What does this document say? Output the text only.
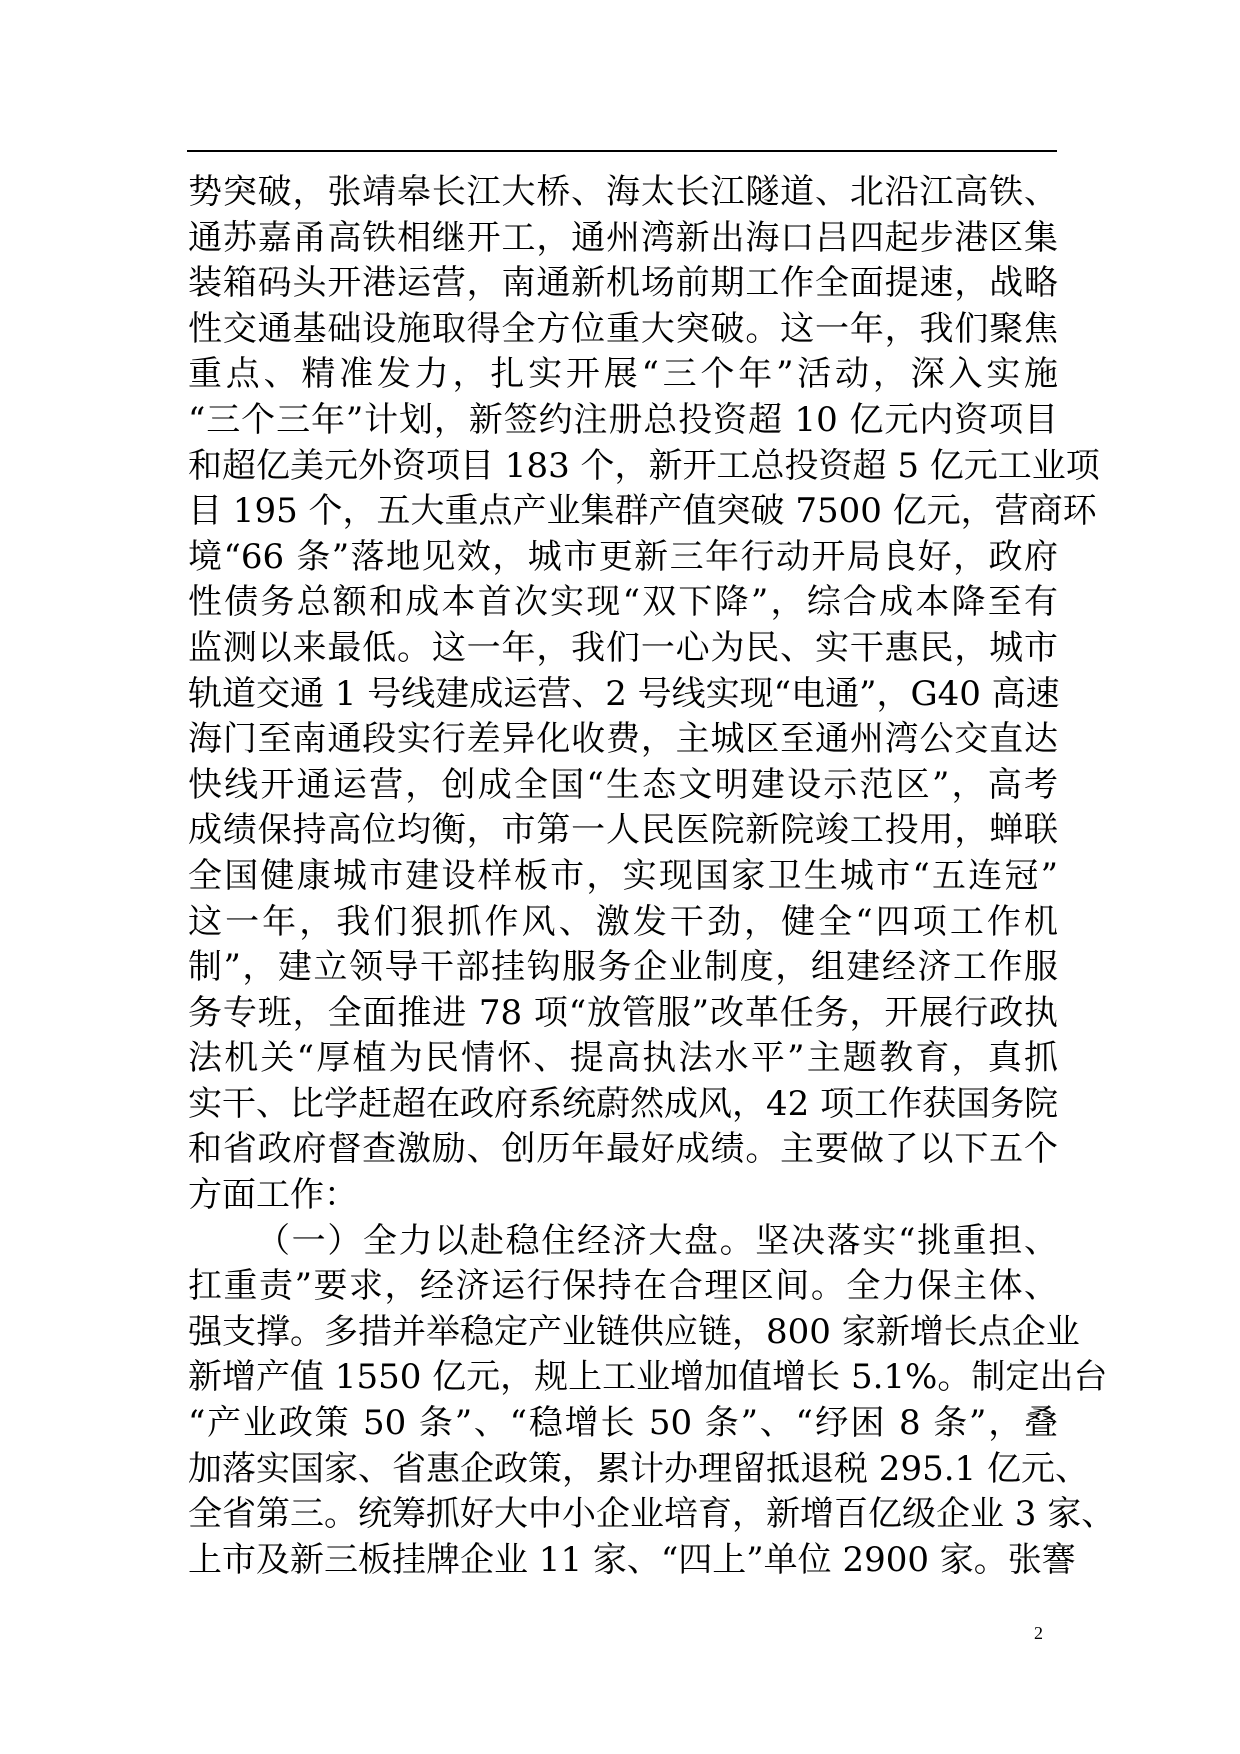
势突破，张靖皋长江大桥、海太长江隧道、北沿江高铁、
通苏嘉甬高铁相继开工，通州湾新出海口吕四起步港区集
装箱码头开港运营，南通新机场前期工作全面提速，战略
性交通基础设施取得全方位重大突破。这一年，我们聚焦
重点、精准发力，扎实开展“三个年”活动，深入实施
“三个三年”计划，新签约注册总投资超 10 亿元内资项目
和超亿美元外资项目 183 个，新开工总投资超 5 亿元工业项
目 195 个，五大重点产业集群产值突破 7500 亿元，营商环
境“66 条”落地见效，城市更新三年行动开局良好，政府
性债务总额和成本首次实现“双下降”，综合成本降至有
监测以来最低。这一年，我们一心为民、实干惠民，城市
轨道交通 1 号线建成运营、2 号线实现“电通”，G40 高速
海门至南通段实行差异化收费，主城区至通州湾公交直达
快线开通运营，创成全国“生态文明建设示范区”，高考
成绩保持高位均衡，市第一人民医院新院竣工投用，蝉联
全国健康城市建设样板市，实现国家卫生城市“五连冠”
这一年，我们狠抓作风、激发干劲，健全“四项工作机
制”，建立领导干部挂钩服务企业制度，组建经济工作服
务专班，全面推进 78 项“放管服”改革任务，开展行政执
法机关“厚植为民情怀、提高执法水平”主题教育，真抓
实干、比学赶超在政府系统蔚然成风，42 项工作获国务院
和省政府督查激励、创历年最好成绩。主要做了以下五个
方面工作：
（一）全力以赴稳住经济大盘。坚决落实“挑重担、
扛重责”要求，经济运行保持在合理区间。全力保主体、
强支撑。多措并举稳定产业链供应链，800 家新增长点企业
新增产值 1550 亿元，规上工业增加值增长 5.1%。制定出台
“产业政策 50 条”、“稳增长 50 条”、“纾困 8 条”，叠
加落实国家、省惠企政策，累计办理留抵退税 295.1 亿元、
全省第三。统筹抓好大中小企业培育，新增百亿级企业 3 家、
上市及新三板挂牌企业 11 家、“四上”单位 2900 家。张謇
2
